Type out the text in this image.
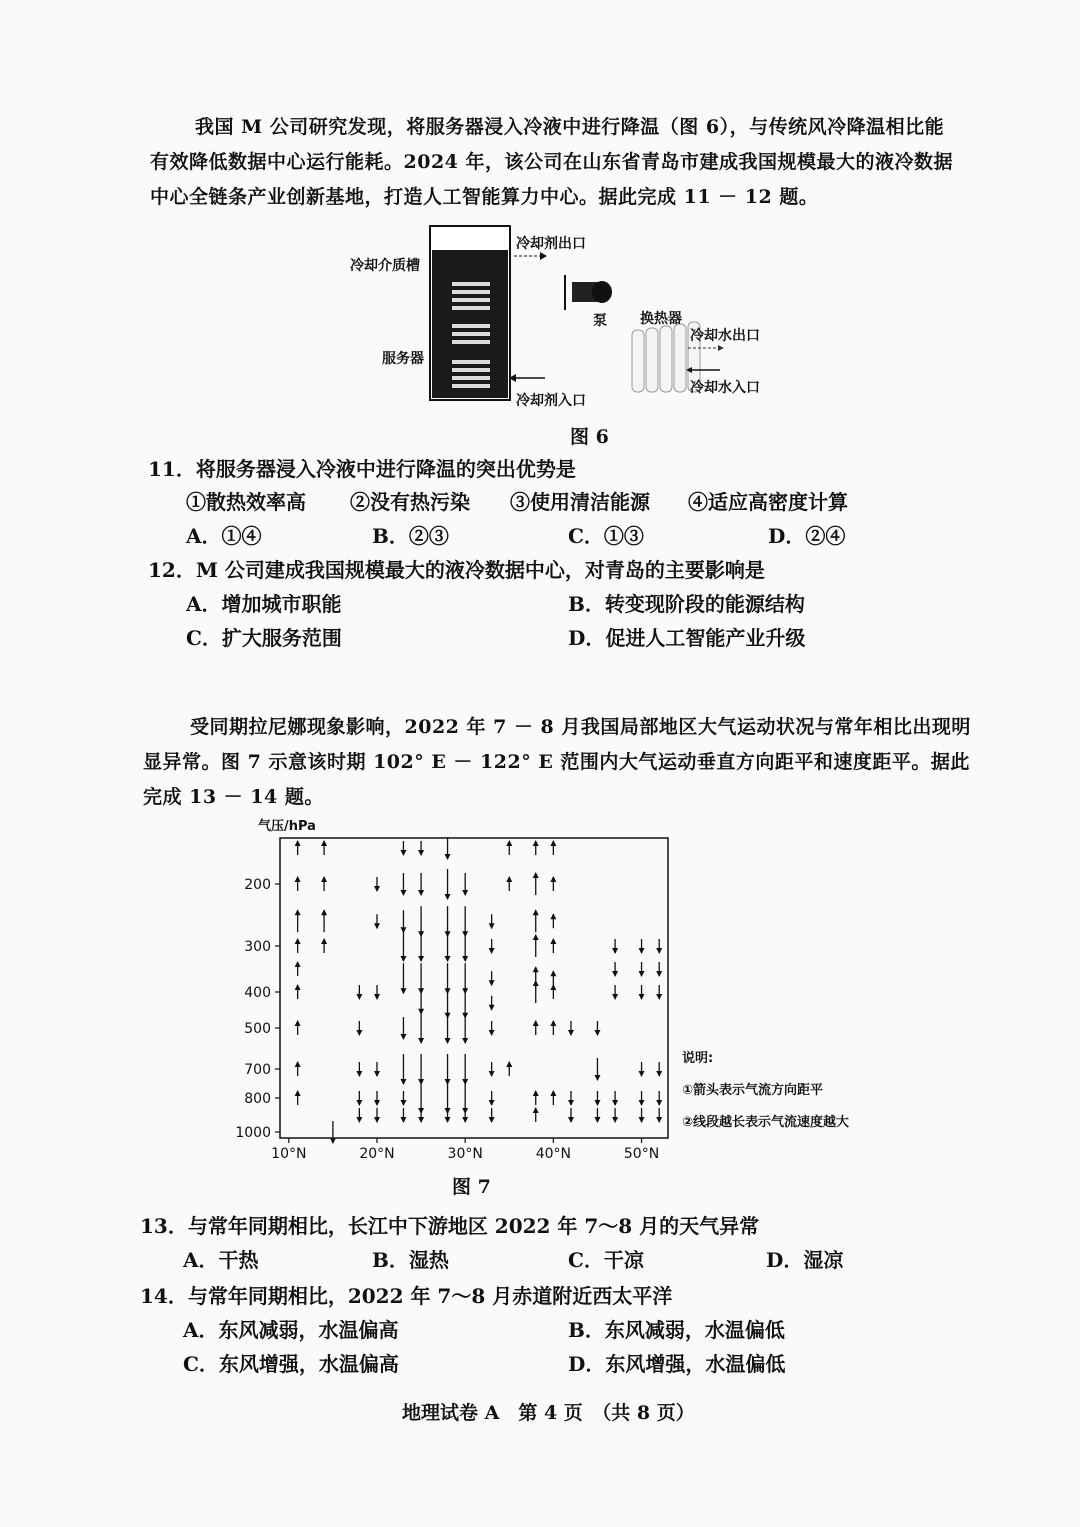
我国 M 公司研究发现，将服务器浸入冷液中进行降温（图 6），与传统风冷降温相比能
有效降低数据中心运行能耗。2024 年，该公司在山东省青岛市建成我国规模最大的液冷数据
中心全链条产业创新基地，打造人工智能算力中心。据此完成 11 － 12 题。
冷却介质槽
服务器
冷却剂出口
冷却剂入口
泵 换热器
冷却水出口
冷却水入口
图 6
11．将服务器浸入冷液中进行降温的突出优势是
①散热效率高 ②没有热污染 ③使用清洁能源 ④适应高密度计算
A．①④	B．②③	C．①③	D．②④
12．M 公司建成我国规模最大的液冷数据中心，对青岛的主要影响是
A．增加城市职能	B．转变现阶段的能源结构
C．扩大服务范围	D．促进人工智能产业升级
受同期拉尼娜现象影响，2022 年 7 － 8 月我国局部地区大气运动状况与常年相比出现明
显异常。图 7 示意该时期 102° E － 122° E 范围内大气运动垂直方向距平和速度距平。据此
完成 13 － 14 题。
气压/hPa
200
300
400
500
700
800
1000
10°N	20°N	30°N	40°N	50°N
说明:
①箭头表示气流方向距平
②线段越长表示气流速度越大
图 7
13．与常年同期相比，长江中下游地区 2022 年 7～8 月的天气异常
A．干热	B．湿热	C．干凉	D．湿凉
14．与常年同期相比，2022 年 7～8 月赤道附近西太平洋
A．东风减弱，水温偏高	B．东风减弱，水温偏低
C．东风增强，水温偏高	D．东风增强，水温偏低
地理试卷 A　第 4 页　（共 8 页）
